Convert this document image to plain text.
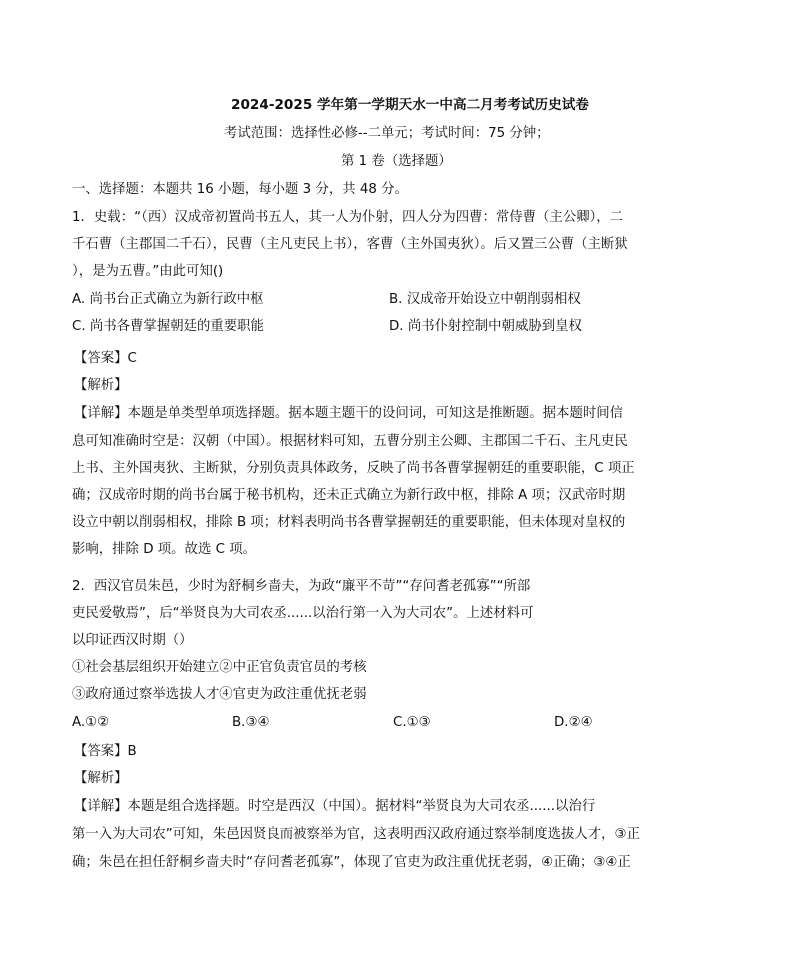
2024-2025 学年第一学期天水一中高二月考考试历史试卷
考试范围：选择性必修--二单元；考试时间：75 分钟；
第 1 卷（选择题）
一、选择题：本题共 16 小题，每小题 3 分，共 48 分。
1．史载：“（西）汉成帝初置尚书五人，其一人为仆射，四人分为四曹：常侍曹（主公卿），二
千石曹（主郡国二千石），民曹（主凡吏民上书），客曹（主外国夷狄）。后又置三公曹（主断狱
），是为五曹。”由此可知()
A. 尚书台正式确立为新行政中枢	B. 汉成帝开始设立中朝削弱相权
C. 尚书各曹掌握朝廷的重要职能	D. 尚书仆射控制中朝威胁到皇权
【答案】C
【解析】
【详解】本题是单类型单项选择题。据本题主题干的设问词，可知这是推断题。据本题时间信
息可知准确时空是：汉朝（中国）。根据材料可知，五曹分别主公卿、主郡国二千石、主凡吏民
上书、主外国夷狄、主断狱，分别负责具体政务，反映了尚书各曹掌握朝廷的重要职能，C 项正
确；汉成帝时期的尚书台属于秘书机构，还未正式确立为新行政中枢，排除 A 项；汉武帝时期
设立中朝以削弱相权，排除 B 项；材料表明尚书各曹掌握朝廷的重要职能，但未体现对皇权的
影响，排除 D 项。故选 C 项。
2．西汉官员朱邑，少时为舒桐乡啬夫，为政“廉平不苛”“存问耆老孤寡”“所部
吏民爱敬焉”，后“举贤良为大司农丞......以治行第一入为大司农”。上述材料可
以印证西汉时期（）
①社会基层组织开始建立②中正官负责官员的考核
③政府通过察举选拔人才④官吏为政注重优抚老弱
A.①②	B.③④	C.①③	D.②④
【答案】B
【解析】
【详解】本题是组合选择题。时空是西汉（中国）。据材料“举贤良为大司农丞......以治行
第一入为大司农”可知，朱邑因贤良而被察举为官，这表明西汉政府通过察举制度选拔人才，③正
确；朱邑在担任舒桐乡啬夫时“存问耆老孤寡”，体现了官吏为政注重优抚老弱，④正确；③④正
